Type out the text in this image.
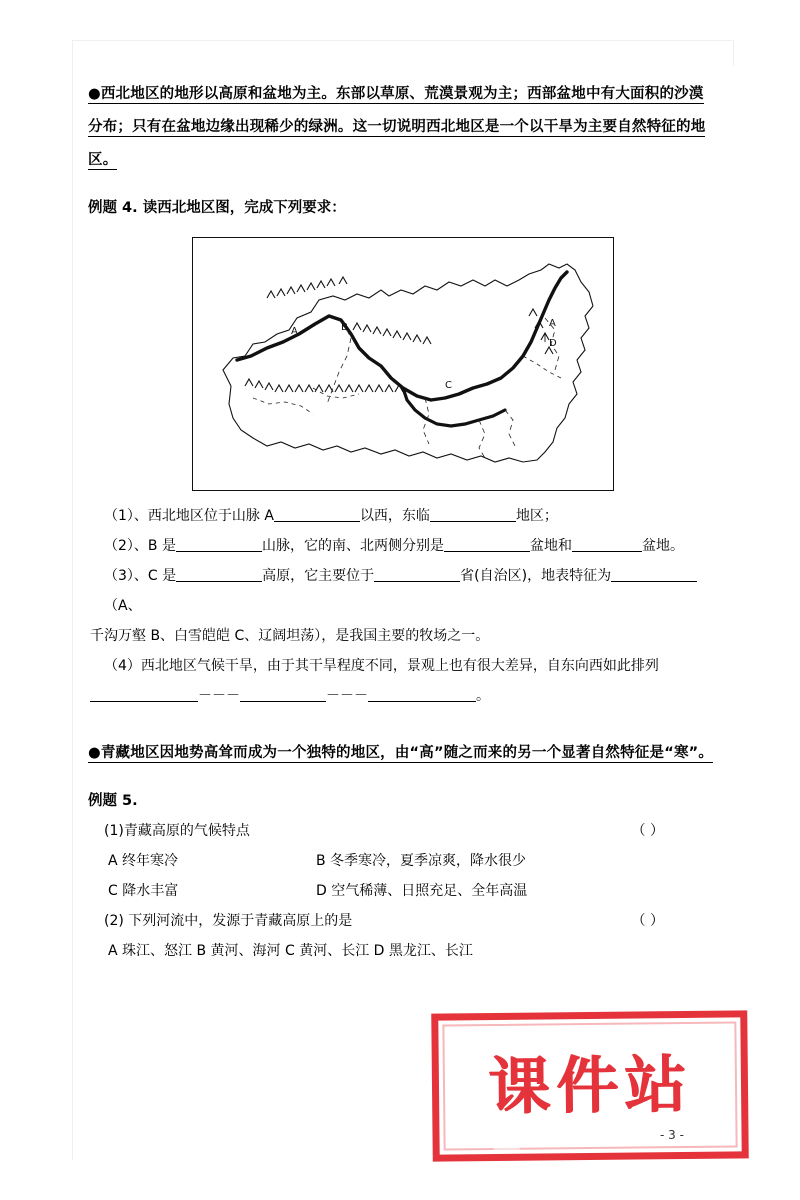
●西北地区的地形以高原和盆地为主。东部以草原、荒漠景观为主；西部盆地中有大面积的沙漠分布；只有在盆地边缘出现稀少的绿洲。这一切说明西北地区是一个以干旱为主要自然特征的地区。

例题 4. 读西北地区图，完成下列要求：

A	B
C
A
D

（1）、西北地区位于山脉 A	以西，东临	地区；

（2）、B 是	山脉，它的南、北两侧分别是	盆地和	盆地。

（3）、C 是	高原，它主要位于	省(自治区)，地表特征为（A、

千沟万壑 B、白雪皑皑 C、辽阔坦荡），是我国主要的牧场之一。

（4）西北地区气候干旱，由于其干旱程度不同，景观上也有很大差异，自东向西如此排列

－－－	－－－	。

●青藏地区因地势高耸而成为一个独特的地区，由“高”随之而来的另一个显著自然特征是“寒”。

例题 5.

(1)青藏高原的气候特点	（ ）
A 终年寒冷	B 冬季寒冷，夏季凉爽，降水很少
C 降水丰富	D 空气稀薄、日照充足、全年高温
(2) 下列河流中，发源于青藏高原上的是	（ ）
A 珠江、怒江 B 黄河、海河 C 黄河、长江 D 黑龙江、长江
课件站
- 3 -
